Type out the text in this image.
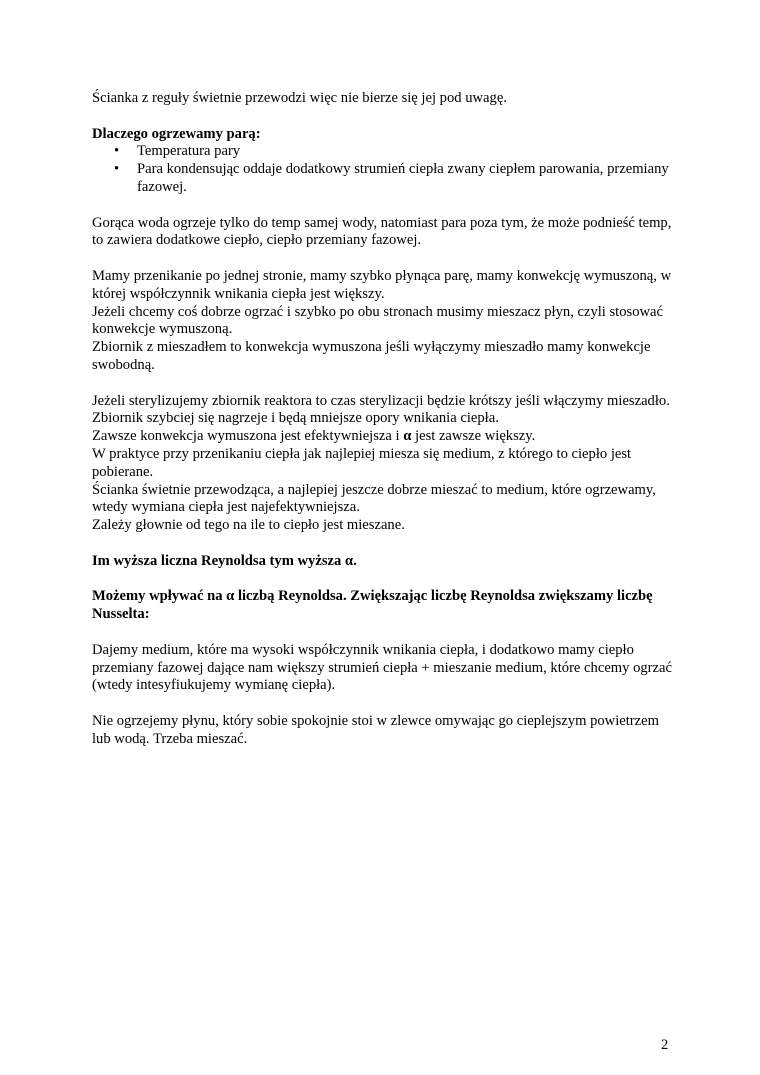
Ścianka z reguły świetnie przewodzi więc nie bierze się jej pod uwagę.

Dlaczego ogrzewamy parą:

• Temperatura pary
• Para kondensując oddaje dodatkowy strumień ciepła zwany ciepłem parowania, przemiany fazowej.

Gorąca woda ogrzeje tylko do temp samej wody, natomiast para poza tym, że może podnieść temp, to zawiera dodatkowe ciepło, ciepło przemiany fazowej.

Mamy przenikanie po jednej stronie, mamy szybko płynąca parę, mamy konwekcję wymuszoną, w której współczynnik wnikania ciepła jest większy.

Jeżeli chcemy coś dobrze ogrzać i szybko po obu stronach musimy mieszacz płyn, czyli stosować konwekcje wymuszoną.

Zbiornik z mieszadłem to konwekcja wymuszona jeśli wyłączymy mieszadło mamy konwekcje swobodną.

Jeżeli sterylizujemy zbiornik reaktora to czas sterylizacji będzie krótszy jeśli włączymy mieszadło.

Zbiornik szybciej się nagrzeje i będą mniejsze opory wnikania ciepła.

Zawsze konwekcja wymuszona jest efektywniejsza i α jest zawsze większy.

W praktyce przy przenikaniu ciepła jak najlepiej miesza się medium, z którego to ciepło jest pobierane.

Ścianka świetnie przewodząca, a najlepiej jeszcze dobrze mieszać to medium, które ogrzewamy, wtedy wymiana ciepła jest najefektywniejsza.

Zależy głownie od tego na ile to ciepło jest mieszane.

Im wyższa liczna Reynoldsa tym wyższa α.

Możemy wpływać na α liczbą Reynoldsa. Zwiększając liczbę Reynoldsa zwiększamy liczbę Nusselta:

Dajemy medium, które ma wysoki współczynnik wnikania ciepła, i dodatkowo mamy ciepło przemiany fazowej dające nam większy strumień ciepła + mieszanie medium, które chcemy ogrzać (wtedy intesyfiukujemy wymianę ciepła).

Nie ogrzejemy płynu, który sobie spokojnie stoi w zlewce omywając go cieplejszym powietrzem lub wodą. Trzeba mieszać.

2
